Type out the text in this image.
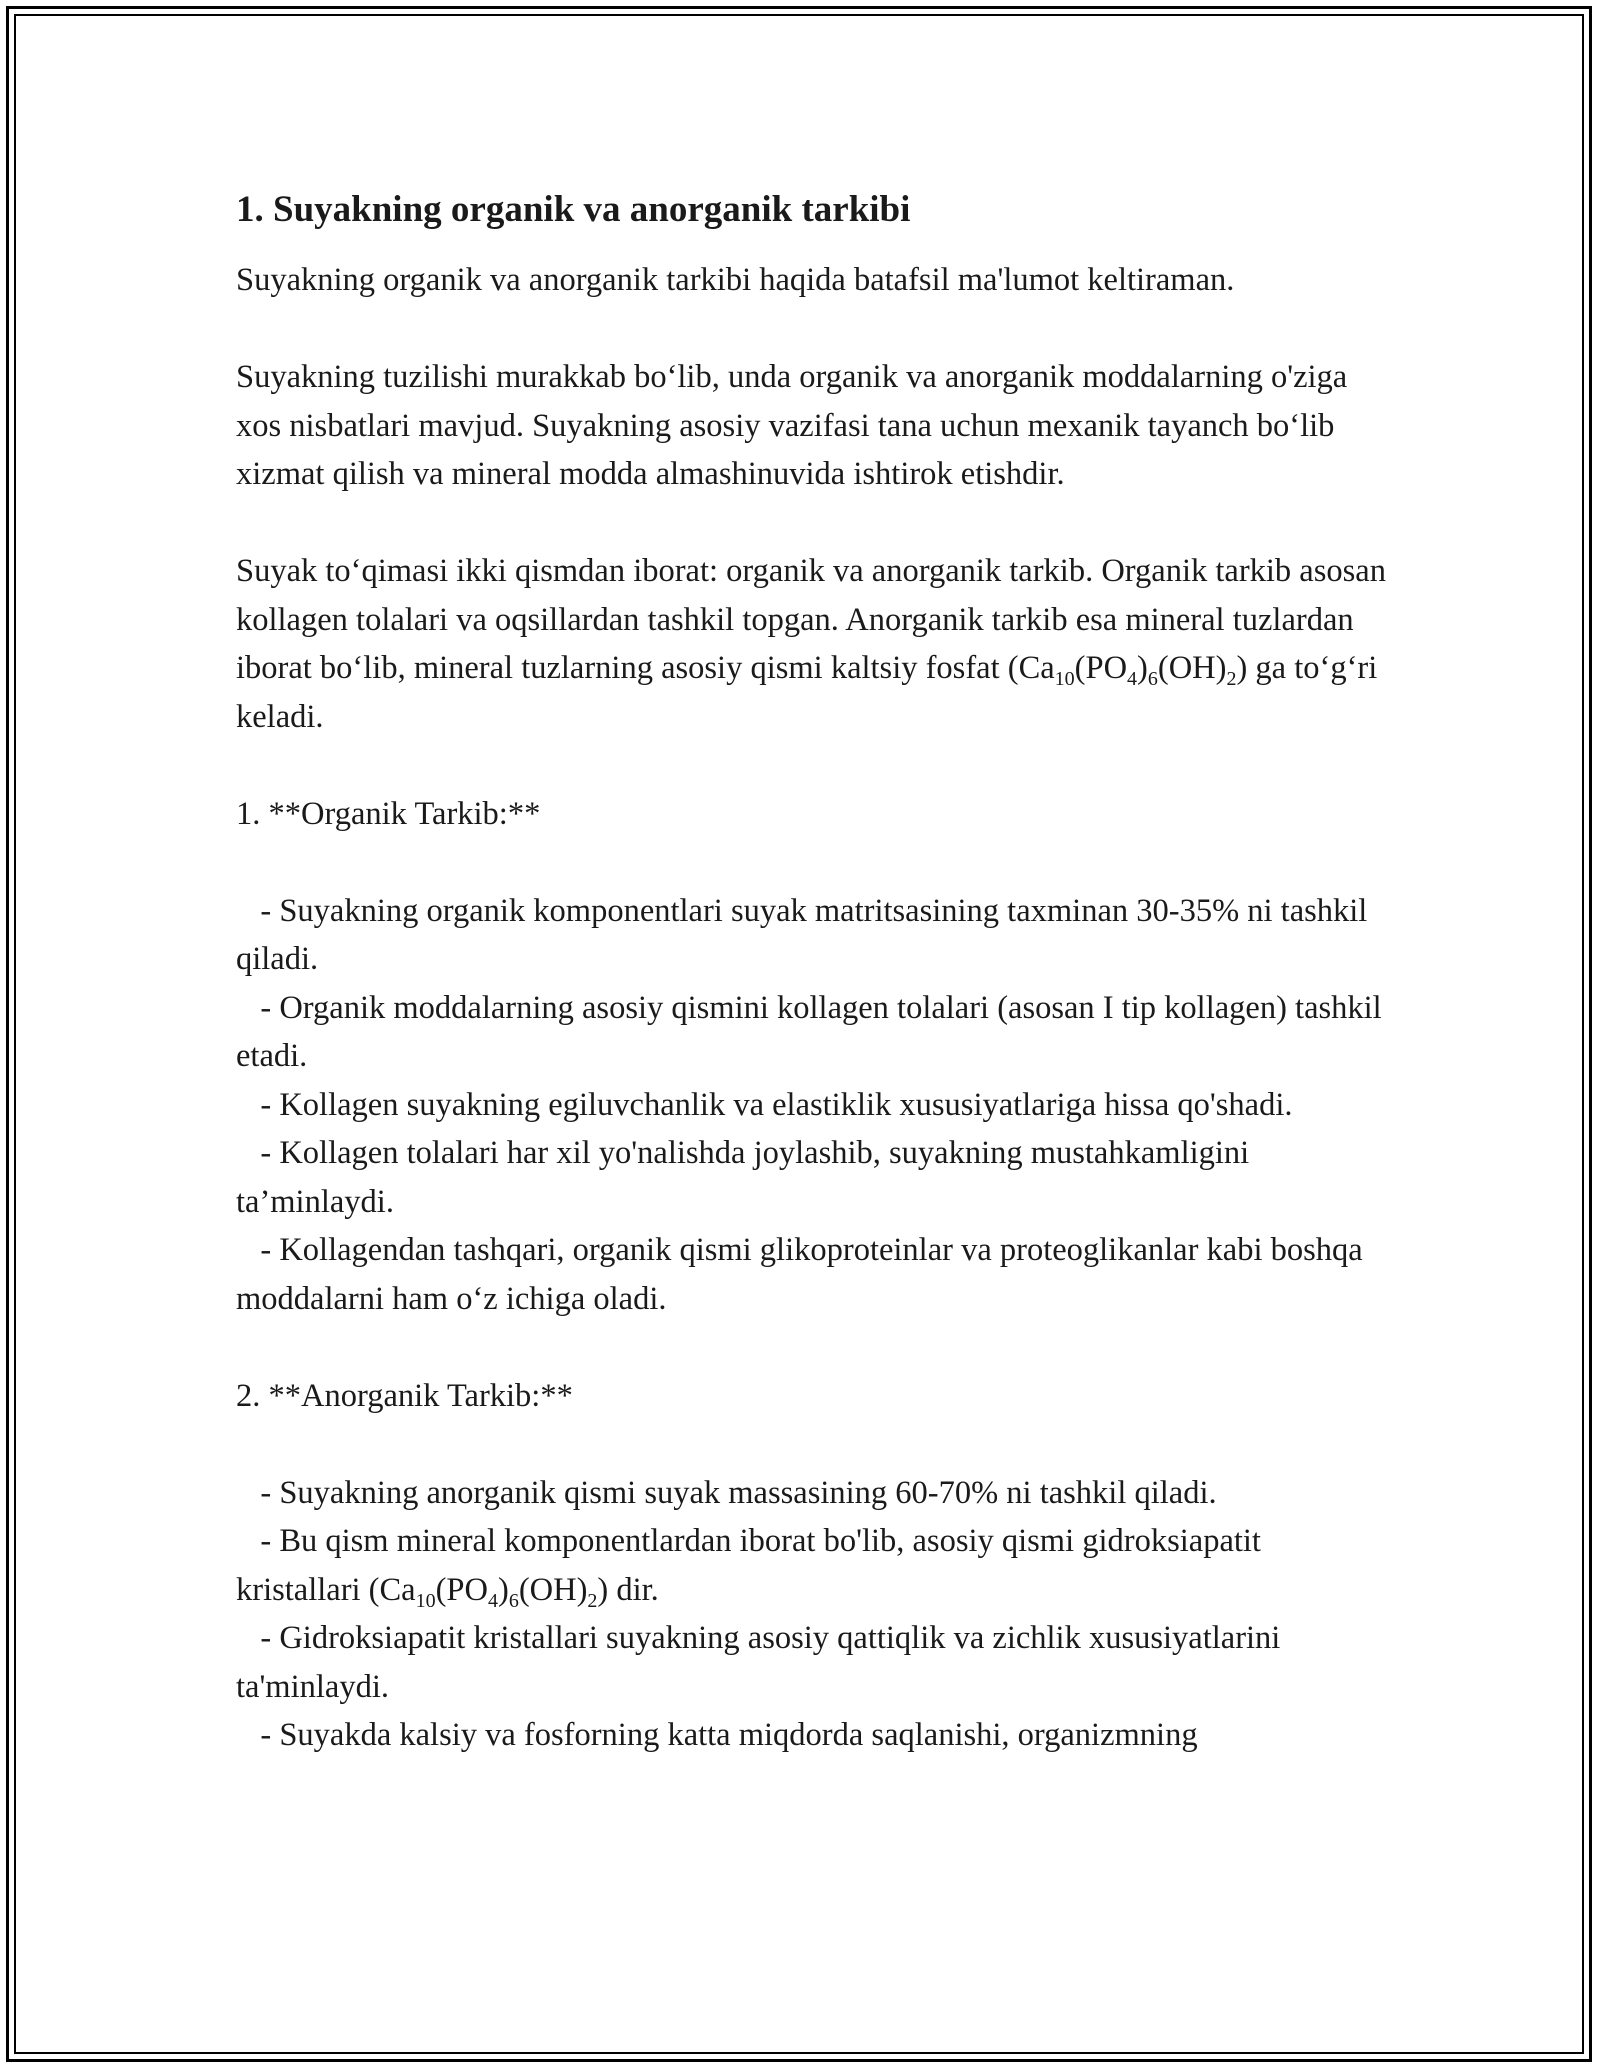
1. Suyakning organik va anorganik tarkibi

Suyakning organik va anorganik tarkibi haqida batafsil ma'lumot keltiraman.

Suyakning tuzilishi murakkab bo‘lib, unda organik va anorganik moddalarning o'ziga xos nisbatlari mavjud. Suyakning asosiy vazifasi tana uchun mexanik tayanch bo‘lib xizmat qilish va mineral modda almashinuvida ishtirok etishdir.

Suyak to‘qimasi ikki qismdan iborat: organik va anorganik tarkib. Organik tarkib asosan kollagen tolalari va oqsillardan tashkil topgan. Anorganik tarkib esa mineral tuzlardan iborat bo‘lib, mineral tuzlarning asosiy qismi kaltsiy fosfat $(Ca_{10}(PO_4)_6(OH)_2)$ ga to‘g‘ri keladi.

1. **Organik Tarkib:**

- Suyakning organik komponentlari suyak matritsasining taxminan 30-35% ni tashkil qiladi.

- Organik moddalarning asosiy qismini kollagen tolalari (asosan I tip kollagen) tashkil etadi.

- Kollagen suyakning egiluvchanlik va elastiklik xususiyatlariga hissa qo'shadi.

- Kollagen tolalari har xil yo'nalishda joylashib, suyakning mustahkamligini ta’minlaydi.

- Kollagendan tashqari, organik qismi glikoproteinlar va proteoglikanlar kabi boshqa moddalarni ham o‘z ichiga oladi.

2. **Anorganik Tarkib:**

- Suyakning anorganik qismi suyak massasining 60-70% ni tashkil qiladi.

- Bu qism mineral komponentlardan iborat bo'lib, asosiy qismi gidroksiapatit kristallari $(Ca_{10}(PO_4)_6(OH)_2)$ dir.

- Gidroksiapatit kristallari suyakning asosiy qattiqlik va zichlik xususiyatlarini ta'minlaydi.

- Suyakda kalsiy va fosforning katta miqdorda saqlanishi, organizmning
